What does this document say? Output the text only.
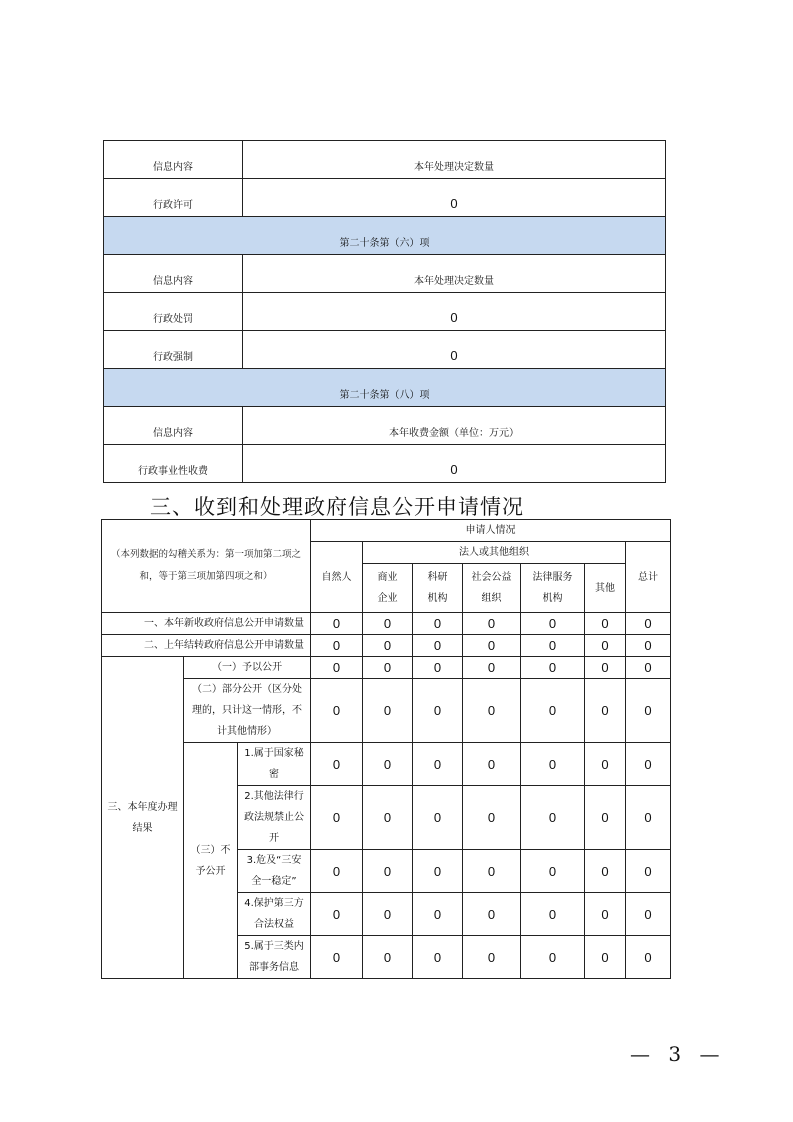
信息内容	本年处理决定数量
行政许可	0
第二十条第（六）项	
信息内容	本年处理决定数量
行政处罚	0
行政强制	0
第二十条第（八）项	
信息内容	本年收费金额（单位：万元）
行政事业性收费	0
三、收到和处理政府信息公开申请情况
（本列数据的勾稽关系为：第一项加第二项之和，等于第三项加第四项之和）			申请人情况						
			自然人	法人或其他组织					总计
				商业企业	科研机构	社会公益组织	法律服务机构	其他	
一、本年新收政府信息公开申请数量			0	0	0	0	0	0	0
二、上年结转政府信息公开申请数量			0	0	0	0	0	0	0
三、本年度办理结果	（一）予以公开		0	0	0	0	0	0	0
	（二）部分公开（区分处理的，只计这一情形，不计其他情形）		0	0	0	0	0	0	0
	（三）不予公开	1.属于国家秘密	0	0	0	0	0	0	0
		2.其他法律行政法规禁止公开	0	0	0	0	0	0	0
		3.危及“三安全一稳定”	0	0	0	0	0	0	0
		4.保护第三方合法权益	0	0	0	0	0	0	0
		5.属于三类内部事务信息	0	0	0	0	0	0	0
— 3 —
